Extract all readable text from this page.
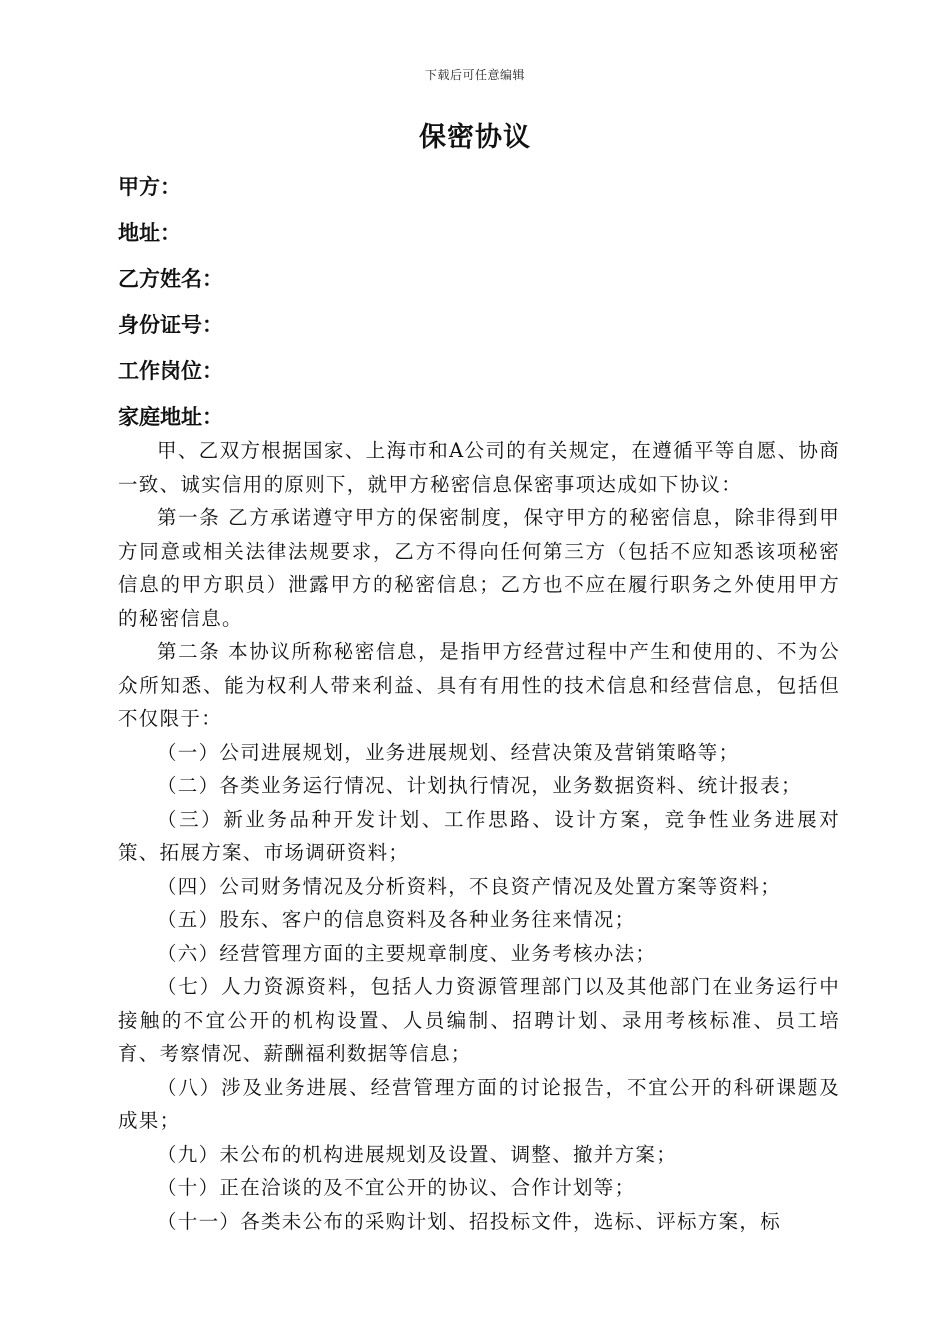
下载后可任意编辑
保密协议
甲方：
地址：
乙方姓名：
身份证号：
工作岗位：
家庭地址：

甲、乙双方根据国家、上海市和A公司的有关规定，在遵循平等自愿、协商一致、诚实信用的原则下，就甲方秘密信息保密事项达成如下协议：

第一条 乙方承诺遵守甲方的保密制度，保守甲方的秘密信息，除非得到甲方同意或相关法律法规要求，乙方不得向任何第三方（包括不应知悉该项秘密信息的甲方职员）泄露甲方的秘密信息；乙方也不应在履行职务之外使用甲方的秘密信息。

第二条 本协议所称秘密信息，是指甲方经营过程中产生和使用的、不为公众所知悉、能为权利人带来利益、具有有用性的技术信息和经营信息，包括但不仅限于：

（一）公司进展规划，业务进展规划、经营决策及营销策略等；

（二）各类业务运行情况、计划执行情况，业务数据资料、统计报表；

（三）新业务品种开发计划、工作思路、设计方案，竞争性业务进展对策、拓展方案、市场调研资料；

（四）公司财务情况及分析资料，不良资产情况及处置方案等资料；

（五）股东、客户的信息资料及各种业务往来情况；

（六）经营管理方面的主要规章制度、业务考核办法；

（七）人力资源资料，包括人力资源管理部门以及其他部门在业务运行中接触的不宜公开的机构设置、人员编制、招聘计划、录用考核标准、员工培育、考察情况、薪酬福利数据等信息；

（八）涉及业务进展、经营管理方面的讨论报告，不宜公开的科研课题及成果；

（九）未公布的机构进展规划及设置、调整、撤并方案；

（十）正在洽谈的及不宜公开的协议、合作计划等；

（十一）各类未公布的采购计划、招投标文件，选标、评标方案，标
